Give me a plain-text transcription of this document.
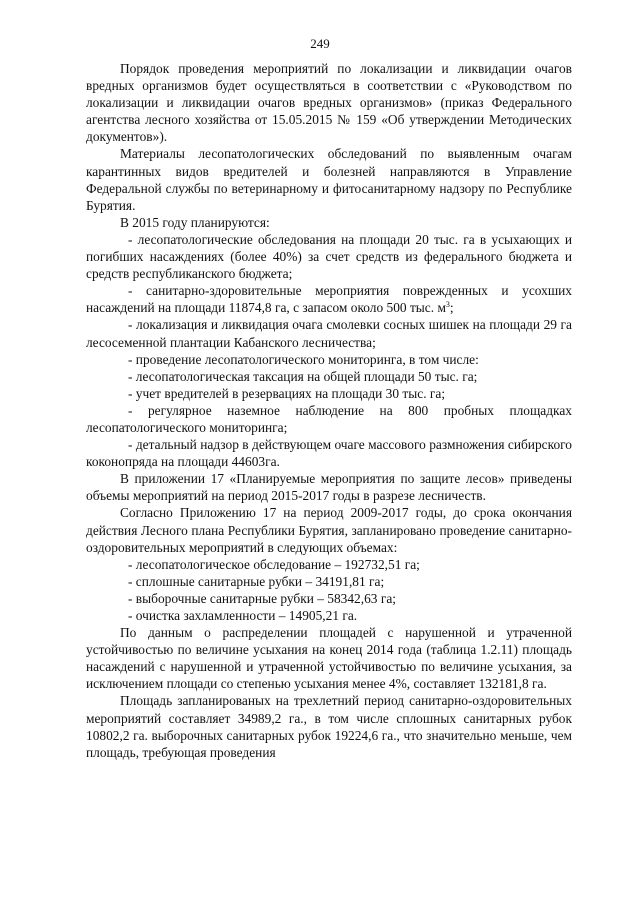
249

Порядок проведения мероприятий по локализации и ликвидации очагов вредных организмов будет осуществляться в соответствии с «Руководством по локализации и ликвидации очагов вредных организмов» (приказ Федерального агентства лесного хозяйства от 15.05.2015 № 159 «Об утверждении Методических документов»).

Материалы лесопатологических обследований по выявленным очагам карантинных видов вредителей и болезней направляются в Управление Федеральной службы по ветеринарному и фитосанитарному надзору по Республике Бурятия.

В 2015 году планируются:

- лесопатологические обследования на площади 20 тыс. га в усыхающих и погибших насаждениях (более 40%) за счет средств из федерального бюджета и средств республиканского бюджета;

- санитарно-здоровительные мероприятия поврежденных и усохших насаждений на площади 11874,8 га, с запасом около 500 тыс. $м^3$;

- локализация и ликвидация очага смолевки сосных шишек на площади 29 га лесосеменной плантации Кабанского лесничества;

- проведение лесопатологического мониторинга, в том числе:

- лесопатологическая таксация на общей площади 50 тыс. га;

- учет вредителей в резервациях на площади 30 тыс. га;

- регулярное наземное наблюдение на 800 пробных площадках лесопатологического мониторинга;

- детальный надзор в действующем очаге массового размножения сибирского коконопряда на площади 44603га.

В приложении 17 «Планируемые мероприятия по защите лесов» приведены объемы мероприятий на период 2015-2017 годы в разрезе лесничеств.

Согласно Приложению 17 на период 2009-2017 годы, до срока окончания действия Лесного плана Республики Бурятия, запланировано проведение санитарно-оздоровительных мероприятий в следующих объемах:

- лесопатологическое обследование – 192732,51 га;

- сплошные санитарные рубки – 34191,81 га;

- выборочные санитарные рубки – 58342,63 га;

- очистка захламленности – 14905,21 га.

По данным о распределении площадей с нарушенной и утраченной устойчивостью по величине усыхания на конец 2014 года (таблица 1.2.11) площадь насаждений с нарушенной и утраченной устойчивостью по величине усыхания, за исключением площади со степенью усыхания менее 4%, составляет 132181,8 га.

Площадь запланированых на трехлетний период санитарно-оздоровительных мероприятий составляет 34989,2 га., в том числе сплошных санитарных рубок 10802,2 га. выборочных санитарных рубок 19224,6 га., что значительно меньше, чем площадь, требующая проведения
